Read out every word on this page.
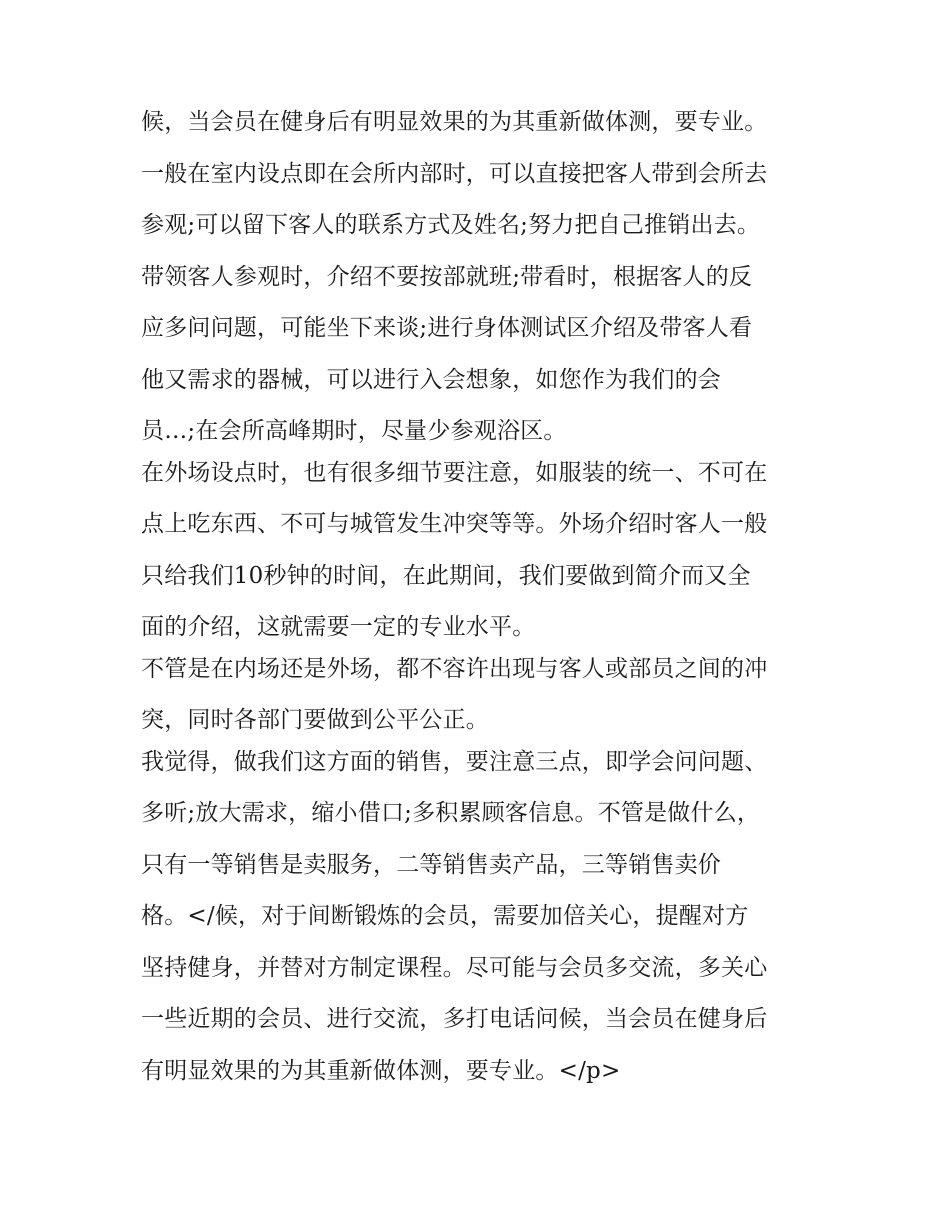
候，当会员在健身后有明显效果的为其重新做体测，要专业。
一般在室内设点即在会所内部时，可以直接把客人带到会所去
参观;可以留下客人的联系方式及姓名;努力把自己推销出去。
带领客人参观时，介绍不要按部就班;带看时，根据客人的反
应多问问题，可能坐下来谈;进行身体测试区介绍及带客人看
他又需求的器械，可以进行入会想象，如您作为我们的会
员…;在会所高峰期时，尽量少参观浴区。
在外场设点时，也有很多细节要注意，如服装的统一、不可在
点上吃东西、不可与城管发生冲突等等。外场介绍时客人一般
只给我们10秒钟的时间，在此期间，我们要做到简介而又全
面的介绍，这就需要一定的专业水平。
不管是在内场还是外场，都不容许出现与客人或部员之间的冲
突，同时各部门要做到公平公正。
我觉得，做我们这方面的销售，要注意三点，即学会问问题、
多听;放大需求，缩小借口;多积累顾客信息。不管是做什么，
只有一等销售是卖服务，二等销售卖产品，三等销售卖价
格。</候，对于间断锻炼的会员，需要加倍关心，提醒对方
坚持健身，并替对方制定课程。尽可能与会员多交流，多关心
一些近期的会员、进行交流，多打电话问候，当会员在健身后
有明显效果的为其重新做体测，要专业。</p>
